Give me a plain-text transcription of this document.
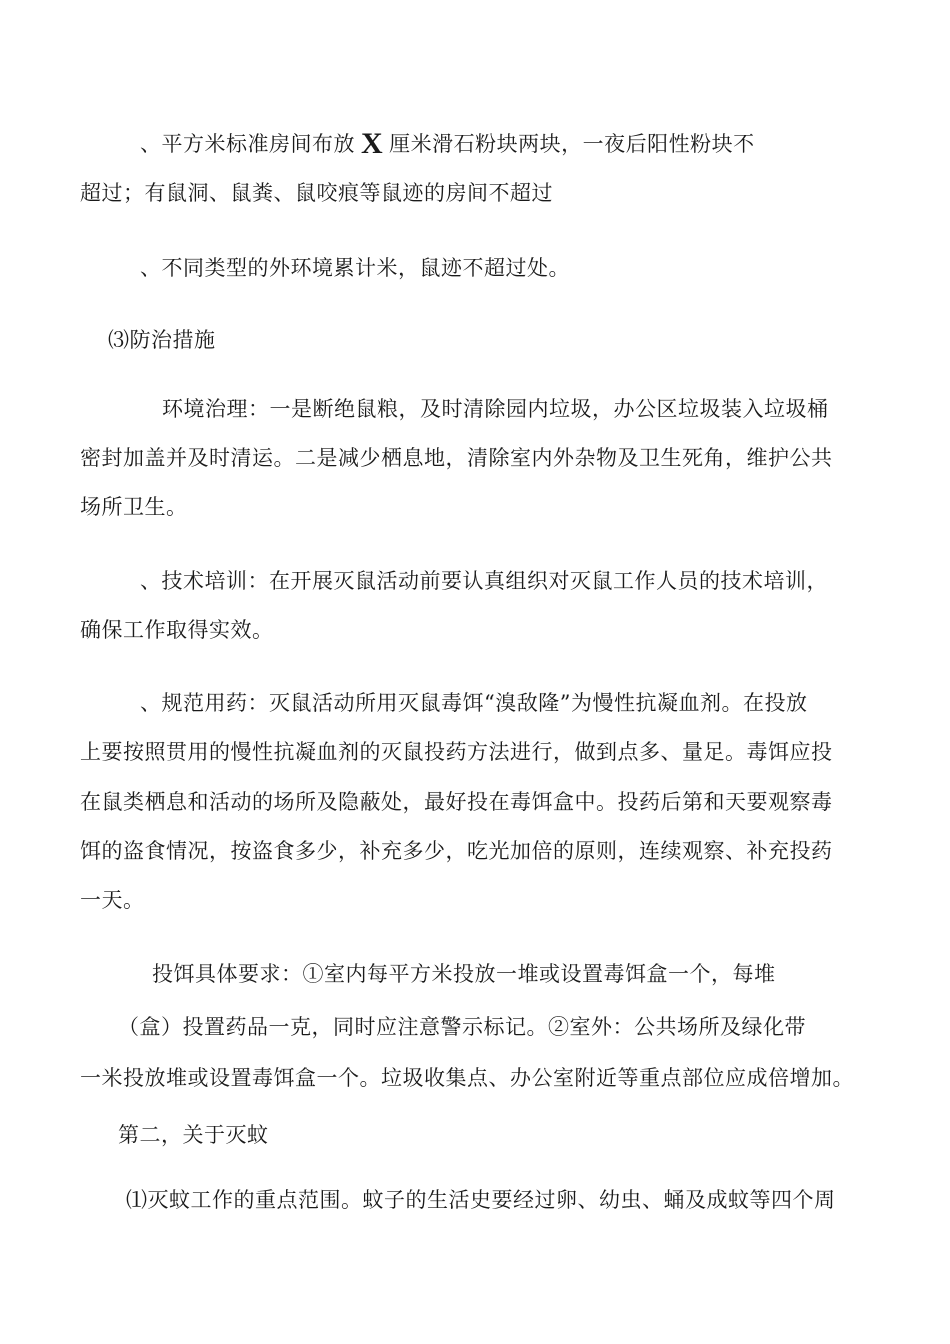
、平方米标准房间布放 X 厘米滑石粉块两块，一夜后阳性粉块不
超过；有鼠洞、鼠粪、鼠咬痕等鼠迹的房间不超过
、不同类型的外环境累计米，鼠迹不超过处。
⑶防治措施
环境治理：一是断绝鼠粮，及时清除园内垃圾，办公区垃圾装入垃圾桶
密封加盖并及时清运。二是减少栖息地，清除室内外杂物及卫生死角，维护公共
场所卫生。
、技术培训：在开展灭鼠活动前要认真组织对灭鼠工作人员的技术培训，
确保工作取得实效。
、规范用药：灭鼠活动所用灭鼠毒饵“溴敌隆”为慢性抗凝血剂。在投放
上要按照贯用的慢性抗凝血剂的灭鼠投药方法进行，做到点多、量足。毒饵应投
在鼠类栖息和活动的场所及隐蔽处，最好投在毒饵盒中。投药后第和天要观察毒
饵的盗食情况，按盗食多少，补充多少，吃光加倍的原则，连续观察、补充投药
一天。
投饵具体要求：①室内每平方米投放一堆或设置毒饵盒一个，每堆
（盒）投置药品一克，同时应注意警示标记。②室外：公共场所及绿化带
一米投放堆或设置毒饵盒一个。垃圾收集点、办公室附近等重点部位应成倍增加。
第二，关于灭蚊
⑴灭蚊工作的重点范围。蚊子的生活史要经过卵、幼虫、蛹及成蚊等四个周
